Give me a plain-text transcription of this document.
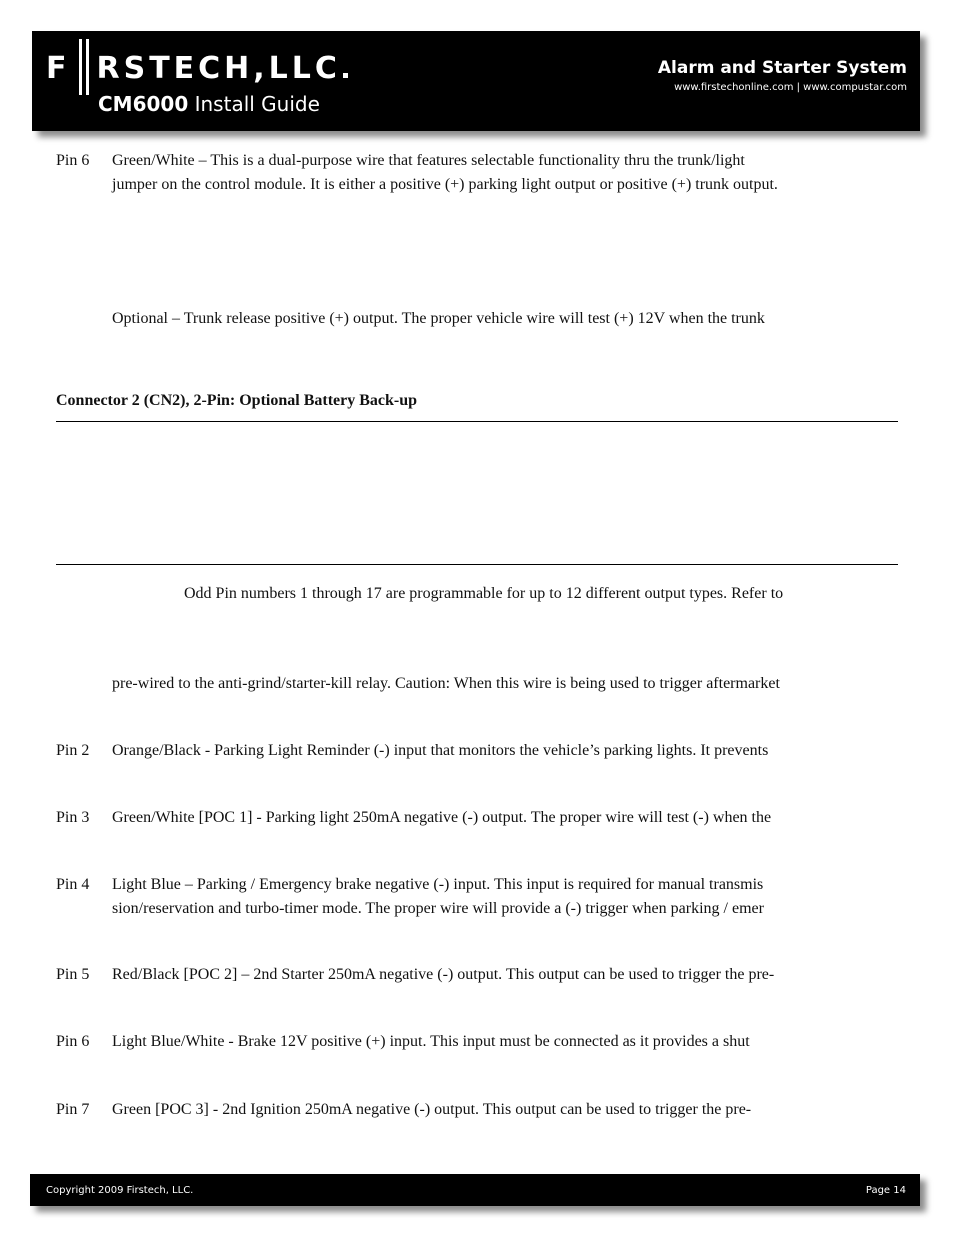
F RSTECH,LLC
CM6000 Install Guide
Alarm and Starter System
www.firstechonline.com | www.compustar.com
Pin 6 Green/White – This is a dual-purpose wire that features selectable functionality thru the trunk/light
jumper on the control module. It is either a positive (+) parking light output or positive (+) trunk output.
Optional – Trunk release positive (+) output. The proper vehicle wire will test (+) 12V when the trunk
Connector 2 (CN2), 2-Pin: Optional Battery Back-up
Odd Pin numbers 1 through 17 are programmable for up to 12 different output types. Refer to
pre-wired to the anti-grind/starter-kill relay. Caution: When this wire is being used to trigger aftermarket
Pin 2 Orange/Black - Parking Light Reminder (-) input that monitors the vehicle’s parking lights. It prevents
Pin 3 Green/White [POC 1] - Parking light 250mA negative (-) output. The proper wire will test (-) when the
Pin 4 Light Blue – Parking / Emergency brake negative (-) input. This input is required for manual transmis
sion/reservation and turbo-timer mode. The proper wire will provide a (-) trigger when parking / emer
Pin 5 Red/Black [POC 2] – 2nd Starter 250mA negative (-) output. This output can be used to trigger the pre-
Pin 6 Light Blue/White - Brake 12V positive (+) input. This input must be connected as it provides a shut
Pin 7 Green [POC 3] - 2nd Ignition 250mA negative (-) output. This output can be used to trigger the pre-
Copyright 2009 Firstech, LLC.	Page 14
